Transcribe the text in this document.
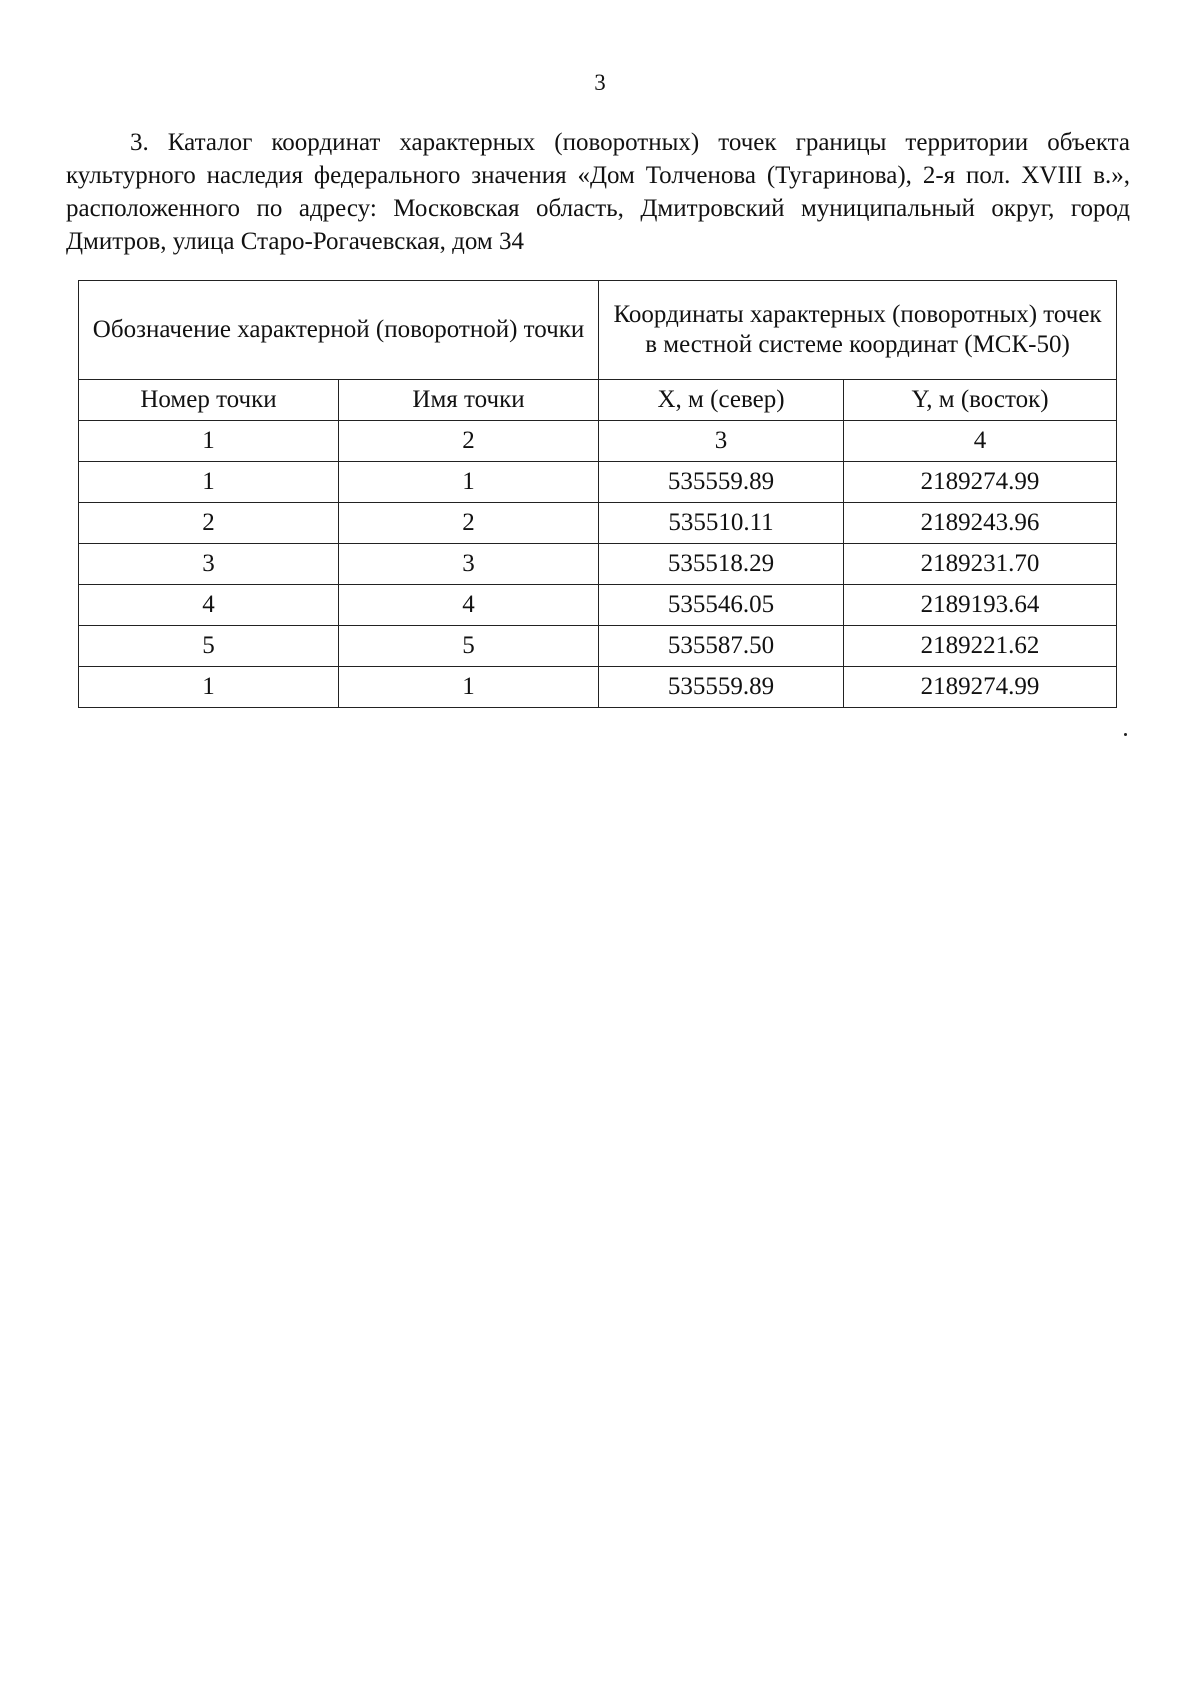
3

3. Каталог координат характерных (поворотных) точек границы территории объекта культурного наследия федерального значения «Дом Толченова (Тугаринова), 2-я пол. XVIII в.», расположенного по адресу: Московская область, Дмитровский муниципальный округ, город Дмитров, улица Старо-Рогачевская, дом 34

Обозначение характерной (поворотной) точки		Координаты характерных (поворотных) точек в местной системе координат (МСК-50)	
Номер точки	Имя точки	X, м (север)	Y, м (восток)
1	2	3	4
1	1	535559.89	2189274.99
2	2	535510.11	2189243.96
3	3	535518.29	2189231.70
4	4	535546.05	2189193.64
5	5	535587.50	2189221.62
1	1	535559.89	2189274.99
